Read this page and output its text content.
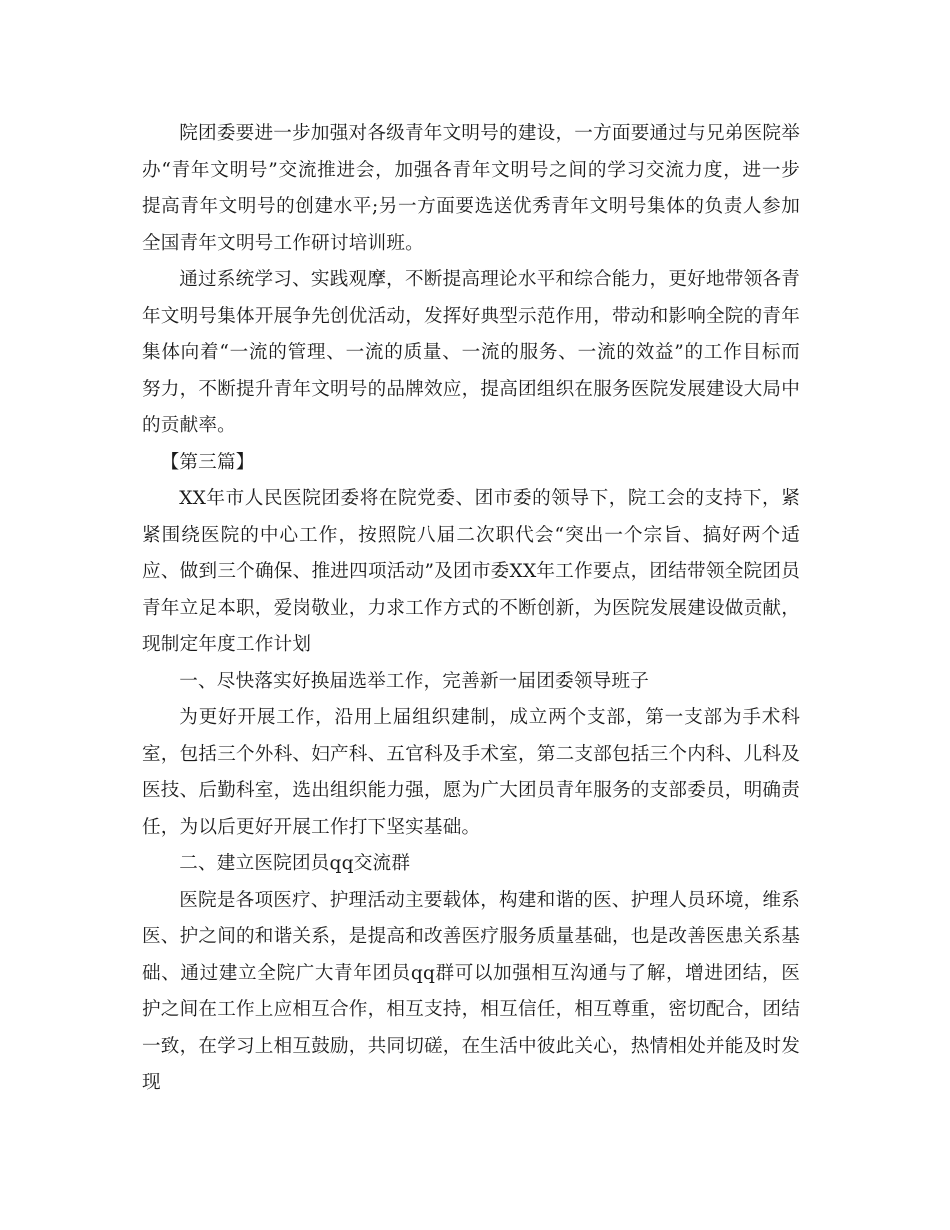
院团委要进一步加强对各级青年文明号的建设，一方面要通过与兄弟医院举办“青年文明号”交流推进会，加强各青年文明号之间的学习交流力度，进一步提高青年文明号的创建水平;另一方面要选送优秀青年文明号集体的负责人参加全国青年文明号工作研讨培训班。

通过系统学习、实践观摩，不断提高理论水平和综合能力，更好地带领各青年文明号集体开展争先创优活动，发挥好典型示范作用，带动和影响全院的青年集体向着“一流的管理、一流的质量、一流的服务、一流的效益”的工作目标而努力，不断提升青年文明号的品牌效应，提高团组织在服务医院发展建设大局中的贡献率。

【第三篇】

XX年市人民医院团委将在院党委、团市委的领导下，院工会的支持下，紧紧围绕医院的中心工作，按照院八届二次职代会“突出一个宗旨、搞好两个适应、做到三个确保、推进四项活动”及团市委XX年工作要点，团结带领全院团员青年立足本职，爱岗敬业，力求工作方式的不断创新，为医院发展建设做贡献，现制定年度工作计划

一、尽快落实好换届选举工作，完善新一届团委领导班子

为更好开展工作，沿用上届组织建制，成立两个支部，第一支部为手术科室，包括三个外科、妇产科、五官科及手术室，第二支部包括三个内科、儿科及医技、后勤科室，选出组织能力强，愿为广大团员青年服务的支部委员，明确责任，为以后更好开展工作打下坚实基础。

二、建立医院团员qq交流群

医院是各项医疗、护理活动主要载体，构建和谐的医、护理人员环境，维系医、护之间的和谐关系，是提高和改善医疗服务质量基础，也是改善医患关系基础、通过建立全院广大青年团员qq群可以加强相互沟通与了解，增进团结，医护之间在工作上应相互合作，相互支持，相互信任，相互尊重，密切配合，团结一致，在学习上相互鼓励，共同切磋，在生活中彼此关心，热情相处并能及时发现
